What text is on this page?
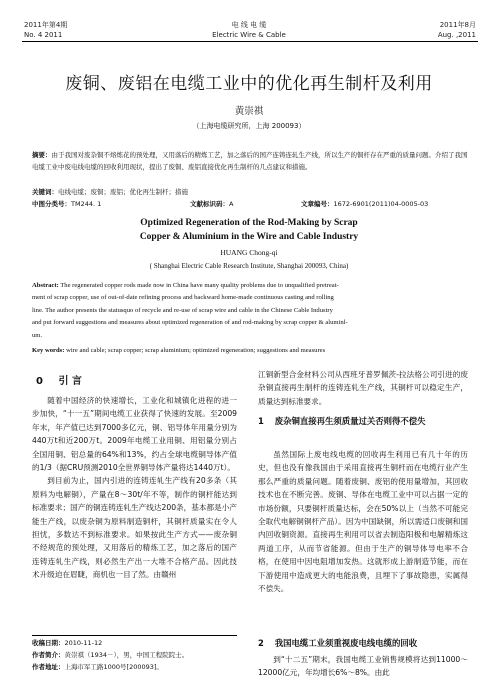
2011年第4期
No. 4 2011
电 线 电 缆
Electric Wire & Cable
2011年8月
Aug. ,2011
废铜、废铝在电缆工业中的优化再生制杆及利用
黄崇祺
（上海电缆研究所，上海 200093）
摘要：由于我国对废杂铜不熔炼花的预处理，又用落后的精炼工艺，加之落后的国产连铸连轧生产线，所以生产的铜杆存在严重的质量问题。介绍了我国电缆工业中废电线电缆的回收利用现状，提出了废铜、废铝直接优化再生制杆的几点建议和措施。
关键词：电线电缆；废铜；废铝；优化再生制杆；措施
中图分类号：TM244. 1	文献标识码：A	文章编号：1672-6901(2011)04-0005-03
Optimized Regeneration of the Rod-Making by Scrap
Copper & Aluminium in the Wire and Cable Industry
HUANG Chong-qi
( Shanghai Electric Cable Research Institute, Shanghai 200093, China)
Abstract: The regenerated copper rods made now in China have many quality problems due to unqualified pretreat-
ment of scrap copper, use of out-of-date refining process and backward home-made continuous casting and rolling
line. The author presents the statusquo of recycle and re-use of scrap wire and cable in the Chinese Cable Industry
and put forward suggestions and measures about optimized regeneration of and rod-making by scrap copper & aluminl-
um.
Key words: wire and cable; scrap copper; scrap aluminium; optimized regeneration; suggestions and measures
0 引 言

随着中国经济的快速增长，工业化和城镇化进程的进一步加快，“十一五”期间电缆工业获得了快速的发展。至2009年末，年产值已达到7000多亿元，铜、铝导体年用量分别为440万t和近200万t。2009年电缆工业用铜、用铝量分别占全国用铜、铝总量的64%和13%，约占全球电缆铜导体产值的1/3（据CRU预测2010全世界铜导体产量将达1440万t）。

到目前为止，国内引进的连铸连轧生产线有20多条（其原料为电解铜），产量在8～30t/年不等，制作的铜杆能达到标准要求；国产的铜连铸连轧生产线达200条，基本都是小产能生产线，以废杂铜为原料制造铜杆，其铜杆质量实在令人担忧，多数达不到标准要求。如果按此生产方式——废杂铜不经规范的预处理，又用落后的精炼工艺，加之落后的国产连铸连轧生产线，则必然生产出一大堆不合格产品。因此技术升级迫在眉睫，商机也一目了然。由赣州

收稿日期：2010-11-12
作者简介：黄崇祺（1934－），男，中国工程院院士。
作者地址：上海市军工路1000号[200093]。
江铜新型合金材料公司从西班牙普罗佩茨-拉法格公司引进的废杂铜直接再生制杆的连铸连轧生产线，其铜杆可以稳定生产，质量达到标准要求。
1 废杂铜直接再生须质量过关否则得不偿失
虽然国际上废电线电缆的回收再生利用已有几十年的历史，但也没有像我国由于采用直接再生铜杆而在电缆行业产生那么严重的质量问题。随着废铜、废铝的使用量增加，其回收技术也在不断完善。废铜、导体在电缆工业中可以占据一定的市场份额，只要铜杆质量达标，会在50%以上（当然不可能完全取代电解铜铜杆产品）。因为中国缺铜，所以需适口废铜和国内回收铜资源。直接再生利用可以省去制造阳极和电解精炼这两道工序，从而节省能源。但由于生产的铜导体导电率不合格，在使用中因电阻增加发热。这就形成上游制造节能，而在下游使用中造成更大的电能浪费，且埋下了事故隐患，实属得不偿失。
2 我国电缆工业须重视废电线电缆的回收
到“十二五”期末，我国电缆工业销售规模将达到11000～12000亿元，年均增长6%～8%。由此
